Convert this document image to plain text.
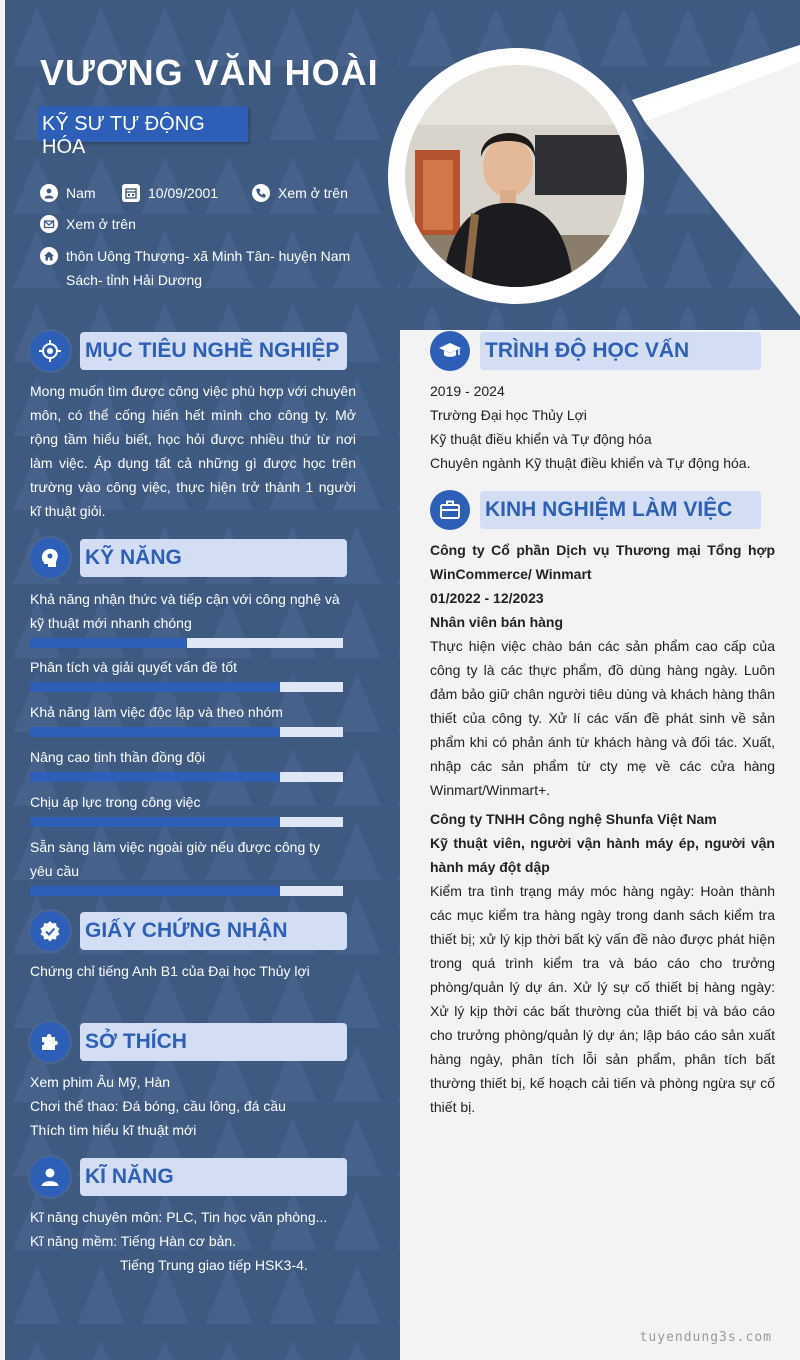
VƯƠNG VĂN HOÀI
KỸ SƯ TỰ ĐỘNG HÓA
Nam	10/09/2001	Xem ở trên
Xem ở trên
thôn Uông Thượng- xã Minh Tân- huyện Nam Sách- tỉnh Hải Dương
MỤC TIÊU NGHỀ NGHIỆP
Mong muốn tìm được công việc phù hợp với chuyên môn, có thể cống hiến hết mình cho công ty. Mở rộng tầm hiểu biết, học hỏi được nhiều thứ từ nơi làm việc. Áp dụng tất cả những gì được học trên trường vào công việc, thực hiện trở thành 1 người kĩ thuật giỏi.
KỸ NĂNG
Khả năng nhận thức và tiếp cận với công nghệ và kỹ thuật mới nhanh chóng
Phân tích và giải quyết vấn đề tốt
Khả năng làm việc độc lập và theo nhóm
Nâng cao tinh thần đồng đội
Chịu áp lực trong công việc
Sẵn sàng làm việc ngoài giờ nếu được công ty yêu cầu
GIẤY CHỨNG NHẬN
Chứng chỉ tiếng Anh B1 của Đại học Thủy lợi
SỞ THÍCH
Xem phim Âu Mỹ, Hàn
Chơi thể thao: Đá bóng, cầu lông, đá cầu
Thích tìm hiểu kĩ thuật mới
KĨ NĂNG
Kĩ năng chuyên môn: PLC, Tin học văn phòng...
Kĩ năng mềm: Tiếng Hàn cơ bản.
Tiếng Trung giao tiếp HSK3-4.
TRÌNH ĐỘ HỌC VẤN
2019 - 2024
Trường Đại học Thủy Lợi
Kỹ thuật điều khiển và Tự động hóa
Chuyên ngành Kỹ thuật điều khiển và Tự động hóa.
KINH NGHIỆM LÀM VIỆC
Công ty Cổ phần Dịch vụ Thương mại Tổng hợp WinCommerce/ Winmart
01/2022 - 12/2023
Nhân viên bán hàng
Thực hiện việc chào bán các sản phẩm cao cấp của công ty là các thực phẩm, đồ dùng hàng ngày. Luôn đảm bảo giữ chân người tiêu dùng và khách hàng thân thiết của công ty. Xử lí các vấn đề phát sinh về sản phẩm khi có phản ánh từ khách hàng và đối tác. Xuất, nhập các sản phẩm từ cty mẹ về các cửa hàng Winmart/Winmart+.
Công ty TNHH Công nghệ Shunfa Việt Nam
Kỹ thuật viên, người vận hành máy ép, người vận hành máy đột dập
Kiểm tra tình trạng máy móc hàng ngày: Hoàn thành các mục kiểm tra hàng ngày trong danh sách kiểm tra thiết bị; xử lý kịp thời bất kỳ vấn đề nào được phát hiện trong quá trình kiểm tra và báo cáo cho trưởng phòng/quản lý dự án. Xử lý sự cố thiết bị hàng ngày: Xử lý kịp thời các bất thường của thiết bị và báo cáo cho trưởng phòng/quản lý dự án; lập báo cáo sản xuất hàng ngày, phân tích lỗi sản phẩm, phân tích bất thường thiết bị, kế hoạch cải tiến và phòng ngừa sự cố thiết bị.
tuyendung3s.com
